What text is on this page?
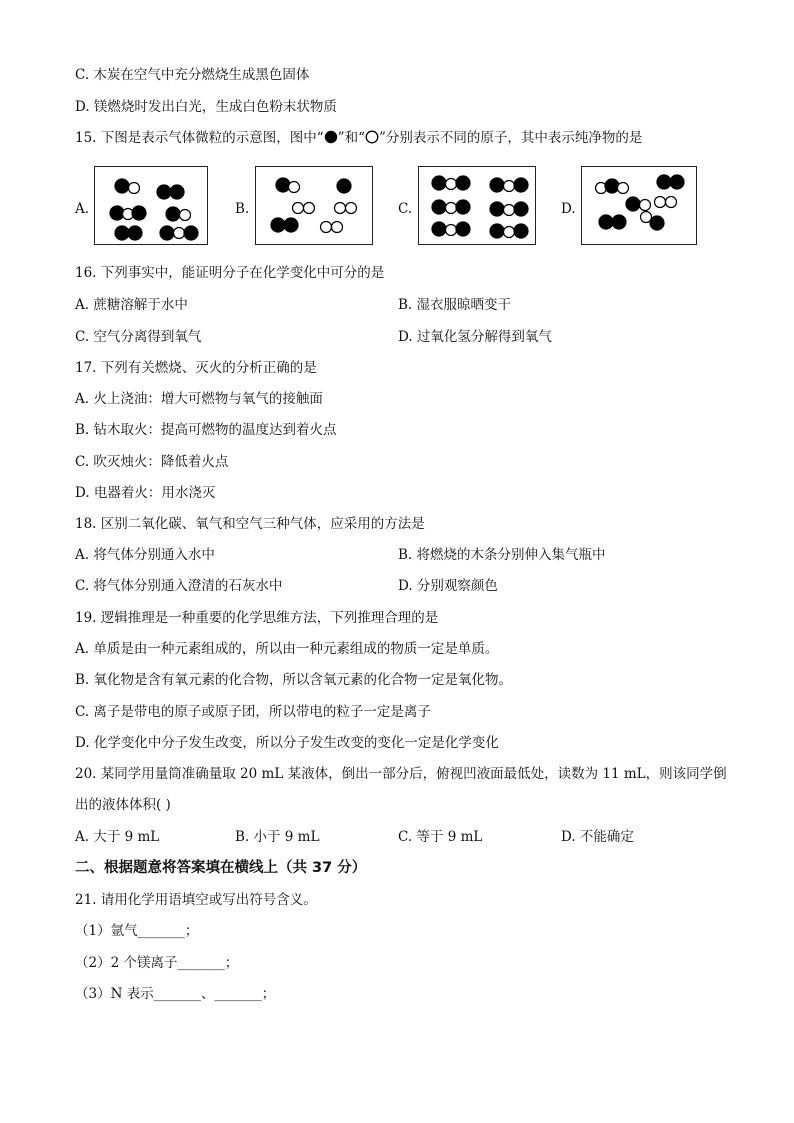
C. 木炭在空气中充分燃烧生成黑色固体
D. 镁燃烧时发出白光，生成白色粉末状物质
15. 下图是表示气体微粒的示意图，图中“ ”和“ ”分别表示不同的原子，其中表示纯净物的是
A.	B.	C.	D.
16. 下列事实中，能证明分子在化学变化中可分的是
A. 蔗糖溶解于水中	B. 湿衣服晾晒变干
C. 空气分离得到氧气	D. 过氧化氢分解得到氧气
17. 下列有关燃烧、灭火的分析正确的是
A. 火上浇油：增大可燃物与氧气的接触面
B. 钻木取火：提高可燃物的温度达到着火点
C. 吹灭烛火：降低着火点
D. 电器着火：用水浇灭
18. 区别二氧化碳、氧气和空气三种气体，应采用的方法是
A. 将气体分别通入水中	B. 将燃烧的木条分别伸入集气瓶中
C. 将气体分别通入澄清的石灰水中	D. 分别观察颜色
19. 逻辑推理是一种重要的化学思维方法，下列推理合理的是
A. 单质是由一种元素组成的，所以由一种元素组成的物质一定是单质。
B. 氧化物是含有氧元素的化合物，所以含氧元素的化合物一定是氧化物。
C. 离子是带电的原子或原子团，所以带电的粒子一定是离子
D. 化学变化中分子发生改变，所以分子发生改变的变化一定是化学变化
20. 某同学用量筒准确量取 20 mL 某液体，倒出一部分后，俯视凹液面最低处，读数为 11 mL，则该同学倒
出的液体体积( )
A. 大于 9 mL	B. 小于 9 mL	C. 等于 9 mL	D. 不能确定
二、根据题意将答案填在横线上（共 37 分）
21. 请用化学用语填空或写出符号含义。
（1）氩气_______；
（2）2 个镁离子_______；
（3）N 表示_______、_______；
